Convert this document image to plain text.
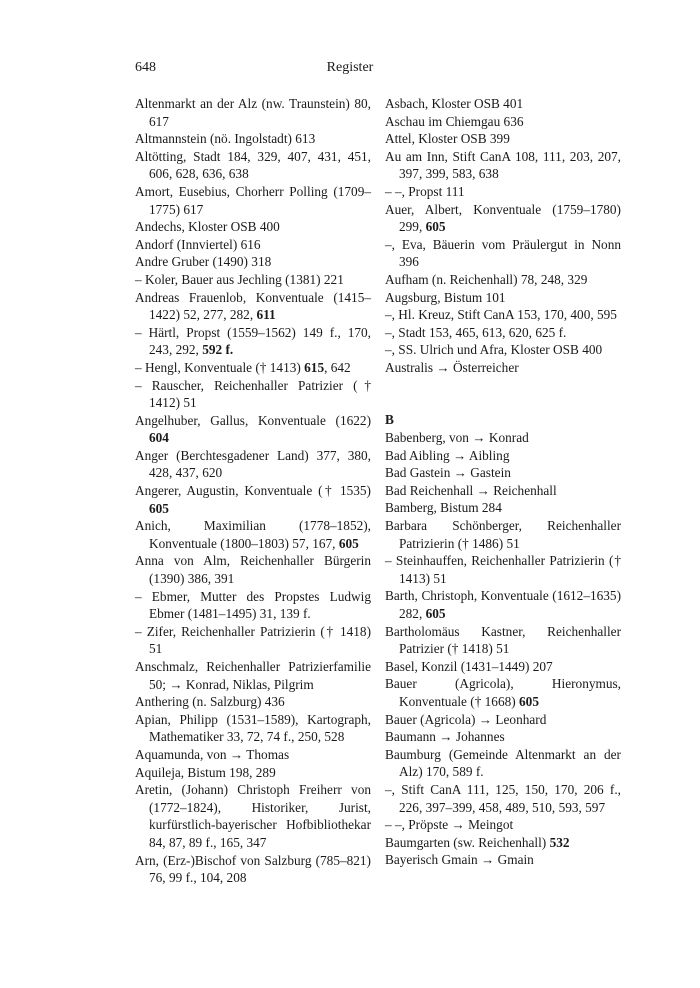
648	Register

Altenmarkt an der Alz (nw. Traunstein) 80, 617

Altmannstein (nö. Ingolstadt) 613

Altötting, Stadt 184, 329, 407, 431, 451, 606, 628, 636, 638

Amort, Eusebius, Chorherr Polling (1709–1775) 617

Andechs, Kloster OSB 400

Andorf (Innviertel) 616

Andre Gruber (1490) 318

– Koler, Bauer aus Jechling (1381) 221

Andreas Frauenlob, Konventuale (1415–1422) 52, 277, 282, 611

– Härtl, Propst (1559–1562) 149 f., 170, 243, 292, 592 f.

– Hengl, Konventuale († 1413) 615, 642

– Rauscher, Reichenhaller Patrizier († 1412) 51

Angelhuber, Gallus, Konventuale (1622) 604

Anger (Berchtesgadener Land) 377, 380, 428, 437, 620

Angerer, Augustin, Konventuale († 1535) 605

Anich, Maximilian (1778–1852), Konventuale (1800–1803) 57, 167, 605

Anna von Alm, Reichenhaller Bürgerin (1390) 386, 391

– Ebmer, Mutter des Propstes Ludwig Ebmer (1481–1495) 31, 139 f.

– Zifer, Reichenhaller Patrizierin († 1418) 51

Anschmalz, Reichenhaller Patrizierfamilie 50; → Konrad, Niklas, Pilgrim

Anthering (n. Salzburg) 436

Apian, Philipp (1531–1589), Kartograph, Mathematiker 33, 72, 74 f., 250, 528

Aquamunda, von → Thomas

Aquileja, Bistum 198, 289

Aretin, (Johann) Christoph Freiherr von (1772–1824), Historiker, Jurist, kurfürstlich-bayerischer Hofbibliothekar 84, 87, 89 f., 165, 347

Arn, (Erz-)Bischof von Salzburg (785–821) 76, 99 f., 104, 208

Asbach, Kloster OSB 401

Aschau im Chiemgau 636

Attel, Kloster OSB 399

Au am Inn, Stift CanA 108, 111, 203, 207, 397, 399, 583, 638

– –, Propst 111

Auer, Albert, Konventuale (1759–1780) 299, 605

–, Eva, Bäuerin vom Präulergut in Nonn 396

Aufham (n. Reichenhall) 78, 248, 329

Augsburg, Bistum 101

–, Hl. Kreuz, Stift CanA 153, 170, 400, 595

–, Stadt 153, 465, 613, 620, 625 f.

–, SS. Ulrich und Afra, Kloster OSB 400

Australis → Österreicher

B

Babenberg, von → Konrad

Bad Aibling → Aibling

Bad Gastein → Gastein

Bad Reichenhall → Reichenhall

Bamberg, Bistum 284

Barbara Schönberger, Reichenhaller Patrizierin († 1486) 51

– Steinhauffen, Reichenhaller Patrizierin († 1413) 51

Barth, Christoph, Konventuale (1612–1635) 282, 605

Bartholomäus Kastner, Reichenhaller Patrizier († 1418) 51

Basel, Konzil (1431–1449) 207

Bauer (Agricola), Hieronymus, Konventuale († 1668) 605

Bauer (Agricola) → Leonhard

Baumann → Johannes

Baumburg (Gemeinde Altenmarkt an der Alz) 170, 589 f.

–, Stift CanA 111, 125, 150, 170, 206 f., 226, 397–399, 458, 489, 510, 593, 597

– –, Pröpste → Meingot

Baumgarten (sw. Reichenhall) 532

Bayerisch Gmain → Gmain
